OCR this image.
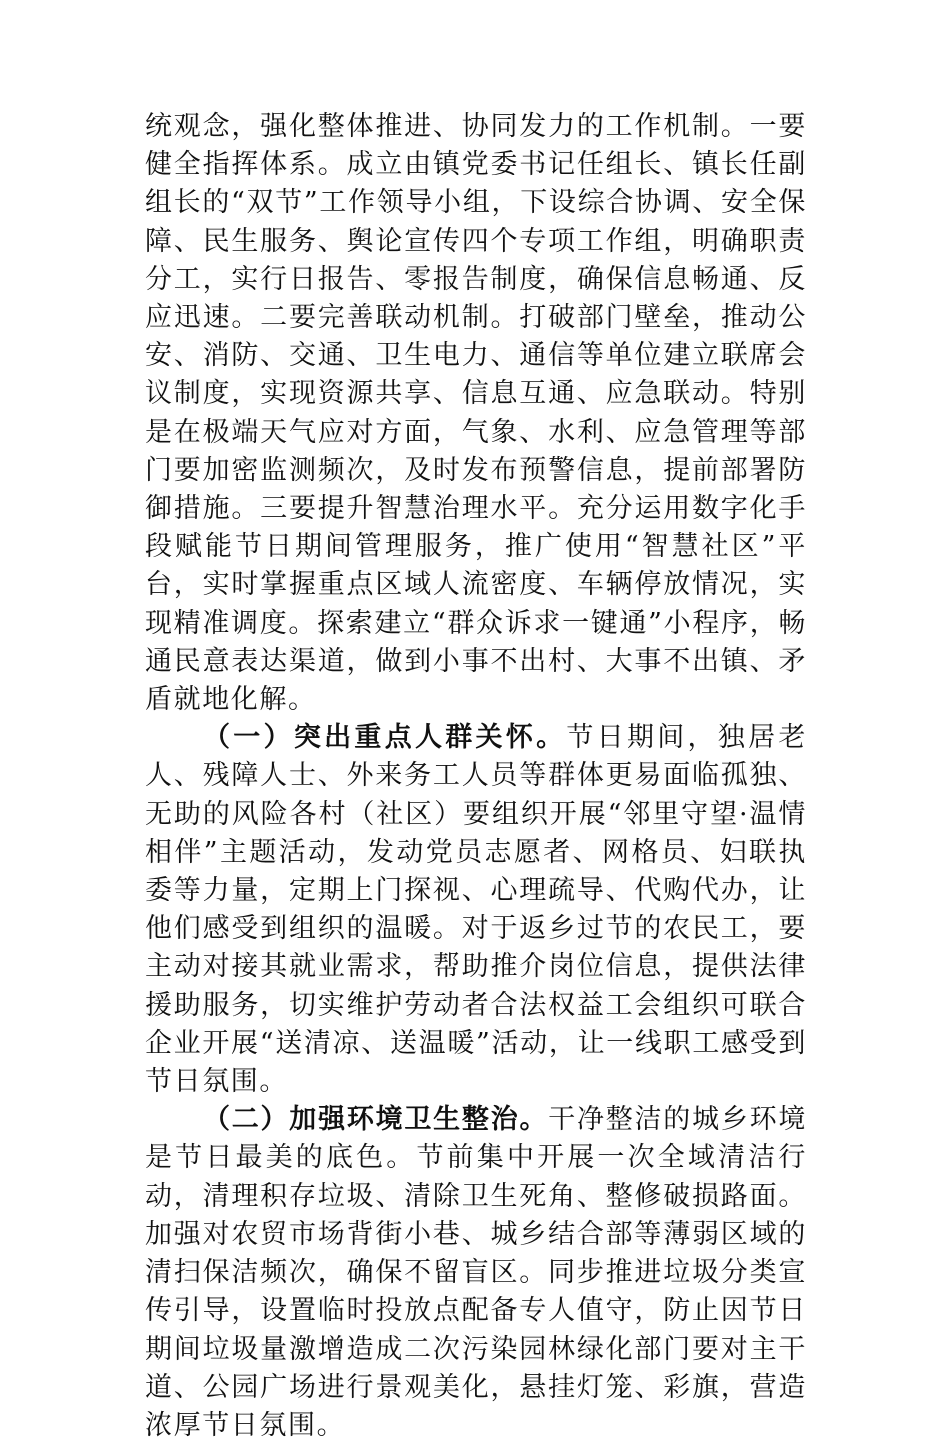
统观念，强化整体推进、协同发力的工作机制。一要健全指挥体系。成立由镇党委书记任组长、镇长任副组长的“双节”工作领导小组，下设综合协调、安全保障、民生服务、舆论宣传四个专项工作组，明确职责分工，实行日报告、零报告制度，确保信息畅通、反应迅速。二要完善联动机制。打破部门壁垒，推动公安、消防、交通、卫生电力、通信等单位建立联席会议制度，实现资源共享、信息互通、应急联动。特别是在极端天气应对方面，气象、水利、应急管理等部门要加密监测频次，及时发布预警信息，提前部署防御措施。三要提升智慧治理水平。充分运用数字化手段赋能节日期间管理服务，推广使用“智慧社区”平台，实时掌握重点区域人流密度、车辆停放情况，实现精准调度。探索建立“群众诉求一键通”小程序，畅通民意表达渠道，做到小事不出村、大事不出镇、矛盾就地化解。

（一）突出重点人群关怀。节日期间，独居老人、残障人士、外来务工人员等群体更易面临孤独、无助的风险各村（社区）要组织开展“邻里守望·温情相伴”主题活动，发动党员志愿者、网格员、妇联执委等力量，定期上门探视、心理疏导、代购代办，让他们感受到组织的温暖。对于返乡过节的农民工，要主动对接其就业需求，帮助推介岗位信息，提供法律援助服务，切实维护劳动者合法权益工会组织可联合企业开展“送清凉、送温暖”活动，让一线职工感受到节日氛围。

（二）加强环境卫生整治。干净整洁的城乡环境是节日最美的底色。节前集中开展一次全域清洁行动，清理积存垃圾、清除卫生死角、整修破损路面。加强对农贸市场背街小巷、城乡结合部等薄弱区域的清扫保洁频次，确保不留盲区。同步推进垃圾分类宣传引导，设置临时投放点配备专人值守，防止因节日期间垃圾量激增造成二次污染园林绿化部门要对主干道、公园广场进行景观美化，悬挂灯笼、彩旗，营造浓厚节日氛围。
